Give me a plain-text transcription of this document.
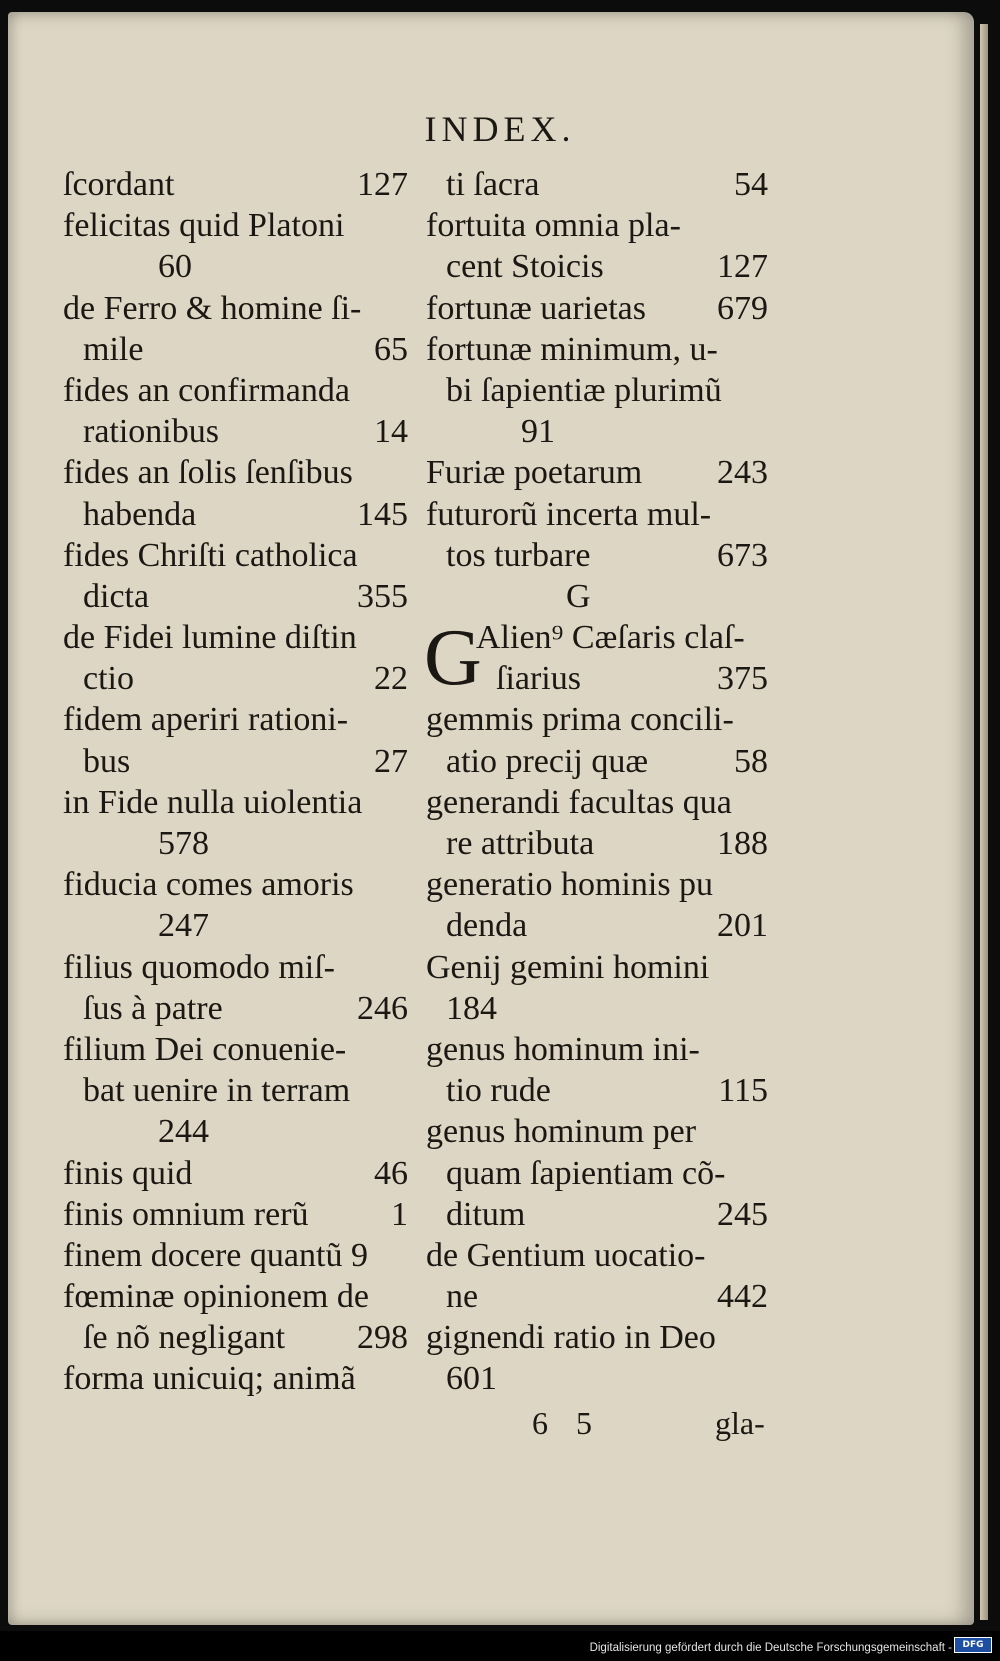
INDEX.
ſcordant	127
felicitas quid Platoni
60
de Ferro & homine ſi-
mile	65
fides an confirmanda
rationibus	14
fides an ſolis ſenſibus
habenda	145
fides Chriſti catholica
dicta	355
de Fidei lumine diſtin
ctio	22
fidem aperiri rationi-
bus	27
in Fide nulla uiolentia
578
fiducia comes amoris
247
filius quomodo miſ-
ſus à patre	246
filium Dei conuenie-
bat uenire in terram
244
finis quid	46
finis omnium rerũ 1
finem docere quantũ 9
fœminæ opinionem de
ſe nõ negligant 298
forma unicuiq; animã
ti ſacra	54
fortuita omnia pla-
cent Stoicis	127
fortunæ uarietas 679
fortunæ minimum, u-
bi ſapientiæ plurimũ
91
Furiæ poetarum 243
futurorũ incerta mul-
tos turbare	673
G
G
Alien⁹ Cæſaris claſ-
ſiarius	375
gemmis prima concili-
atio precij quæ	58
generandi facultas qua
re attributa	188
generatio hominis pu
denda	201
Genij gemini homini
184
genus hominum ini-
tio rude	115
genus hominum per
quam ſapientiam cõ-
ditum	245
de Gentium uocatio-
ne	442
gignendi ratio in Deo
601
6 5	gla-
Digitalisierung gefördert durch die Deutsche Forschungsgemeinschaft -	DFG
